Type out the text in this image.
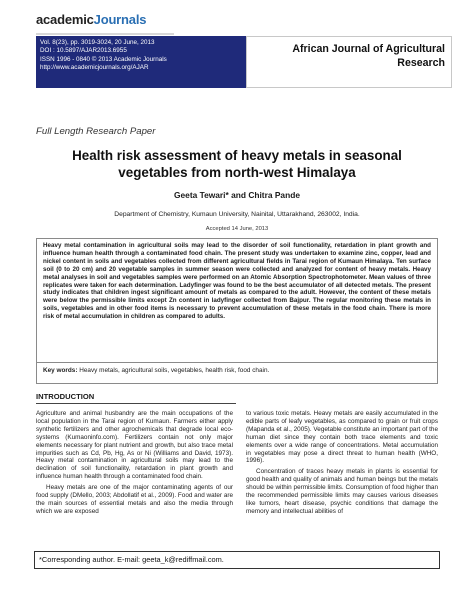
academicJournals
Vol. 8(23), pp. 3019-3024, 20 June, 2013
DOI : 10.5897/AJAR2013.6955
ISSN 1996 - 0840 © 2013 Academic Journals
http://www.academicjournals.org/AJAR
African Journal of Agricultural
Research
Full Length Research Paper
Health risk assessment of heavy metals in seasonal
vegetables from north-west Himalaya
Geeta Tewari* and Chitra Pande
Department of Chemistry, Kumaun University, Nainital, Uttarakhand, 263002, India.
Accepted 14 June, 2013
Heavy metal contamination in agricultural soils may lead to the disorder of soil functionality, retardation in plant growth and influence human health through a contaminated food chain. The present study was undertaken to examine zinc, copper, lead and nickel content in soils and vegetables collected from different agricultural fields in Tarai region of Kumaun Himalaya. Ten surface soil (0 to 20 cm) and 20 vegetable samples in summer season were collected and analyzed for content of heavy metals. Heavy metal analyses in soil and vegetables samples were performed on an Atomic Absorption Spectrophotometer. Mean values of three replicates were taken for each determination. Ladyfinger was found to be the best accumulator of all detected metals. The present study indicates that children ingest significant amount of metals as compared to the adult. However, the content of these metals were below the permissible limits except Zn content in ladyfinger collected from Bajpur. The regular monitoring these metals in soils, vegetables and in other food items is necessary to prevent accumulation of these metals in the food chain. There is more risk of metal accumulation in children as compared to adults.
Key words: Heavy metals, agricultural soils, vegetables, health risk, food chain.
INTRODUCTION

Agriculture and animal husbandry are the main occupations of the local population in the Tarai region of Kumaun. Farmers either apply synthetic fertilizers and other agrochemicals that degrade local eco-systems (Kumaoninfo.com). Fertilizers contain not only major elements necessary for plant nutrient and growth, but also trace metal impurities such as Cd, Pb, Hg, As or Ni (Williams and David, 1973). Heavy metal contamination in agricultural soils may lead to the declination of soil functionality, retardation in plant growth and influence human health through a contaminated food chain.

Heavy metals are one of the major contaminating agents of our food supply (DMello, 2003; Abdollatif et al., 2009). Food and water are the main sources of essential metals and also the media through which we are exposed

to various toxic metals. Heavy metals are easily accumulated in the edible parts of leafy vegetables, as compared to grain or fruit crops (Mapanda et al., 2005). Vegetable constitute an important part of the human diet since they contain both trace elements and toxic elements over a wide range of concentrations. Metal accumulation in vegetables may pose a direct threat to human health (WHO, 1996).

Concentration of traces heavy metals in plants is essential for good health and quality of animals and human beings but the metals should be within permissible limits. Consumption of food higher than the recommended permissible limits may causes various diseases like tumors, heart disease, psychic conditions that damage the memory and intellectual abilities of

*Corresponding author. E-mail: geeta_k@rediffmail.com.
